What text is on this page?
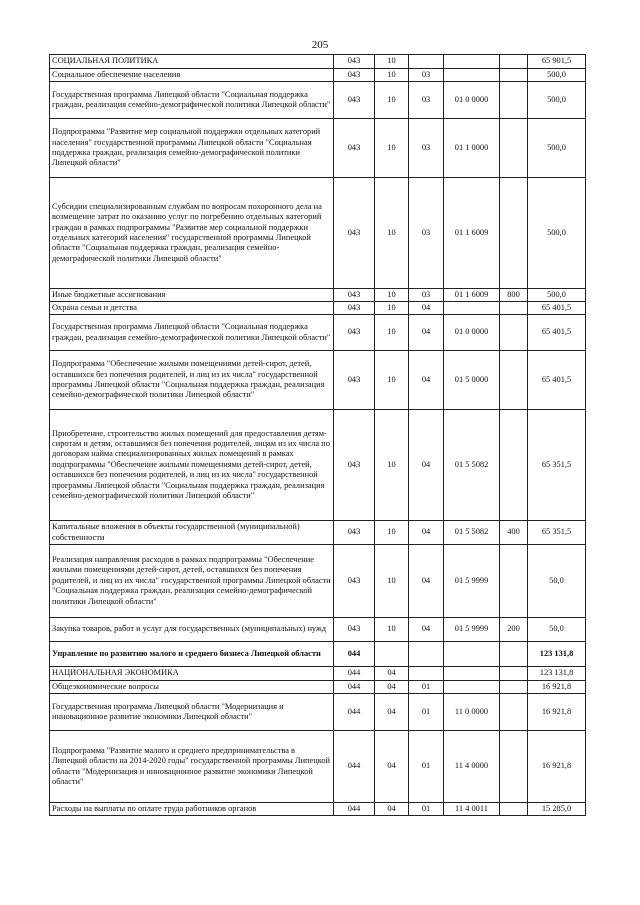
205
СОЦИАЛЬНАЯ ПОЛИТИКА	043	10				65 901,5
Социальное обеспечение населения	043	10	03			500,0
Государственная программа Липецкой области "Социальная поддержка граждан, реализация семейно-демографической политики Липецкой области"	043	10	03	01 0 0000		500,0
Подпрограмма "Развитие мер социальной поддержки отдельных категорий населения" государственной программы Липецкой области "Социальная поддержка граждан, реализация семейно-демографической политики Липецкой области"	043	10	03	01 1 0000		500,0
Субсидии специализированным службам по вопросам похоронного дела на возмещение затрат по оказанию услуг по погребению отдельных категорий граждан в рамках подпрограммы "Развитие мер социальной поддержки отдельных категорий населения" государственной программы Липецкой области "Социальная поддержка граждан, реализация семейно-демографической политики Липецкой области"	043	10	03	01 1 6009		500,0
Иные бюджетные ассигнования	043	10	03	01 1 6009	800	500,0
Охрана семьи и детства	043	10	04			65 401,5
Государственная программа Липецкой области "Социальная поддержка граждан, реализация семейно-демографической политики Липецкой области"	043	10	04	01 0 0000		65 401,5
Подпрограмма "Обеспечение жилыми помещениями детей-сирот, детей, оставшихся без попечения родителей, и лиц из их числа" государственной программы Липецкой области "Социальная поддержка граждан, реализация семейно-демографической политики Липецкой области"	043	10	04	01 5 0000		65 401,5
Приобретение, строительство жилых помещений для предоставления детям-сиротам и детям, оставшимся без попечения родителей, лицам из их числа по договорам найма специализированных жилых помещений в рамках подпрограммы "Обеспечение жилыми помещениями детей-сирот, детей, оставшихся без попечения родителей, и лиц из их числа" государственной программы Липецкой области "Социальная поддержка граждан, реализация семейно-демографической политики Липецкой области"	043	10	04	01 5 5082		65 351,5
Капитальные вложения в объекты государственной (муниципальной) собственности	043	10	04	01 5 5082	400	65 351,5
Реализация направления расходов в рамках подпрограммы "Обеспечение жилыми помещениями детей-сирот, детей, оставшихся без попечения родителей, и лиц из их числа" государственной программы Липецкой области "Социальная поддержка граждан, реализация семейно-демографической политики Липецкой области"	043	10	04	01 5 9999		50,0
Закупка товаров, работ и услуг для государственных (муниципальных) нужд	043	10	04	01 5 9999	200	50,0
Управление по развитию малого и среднего бизнеса Липецкой области	044					123 131,8
НАЦИОНАЛЬНАЯ ЭКОНОМИКА	044	04				123 131,8
Общеэкономические вопросы	044	04	01			16 921,8
Государственная программа Липецкой области "Модернизация и инновационное развитие экономики Липецкой области"	044	04	01	11 0 0000		16 921,8
Подпрограмма "Развитие малого и среднего предпринимательства в Липецкой области на 2014-2020 годы" государственной программы Липецкой области "Модернизация и инновационное развитие экономики Липецкой области"	044	04	01	11 4 0000		16 921,8
Расходы на выплаты по оплате труда работников органов	044	04	01	11 4 0011		15 285,0
